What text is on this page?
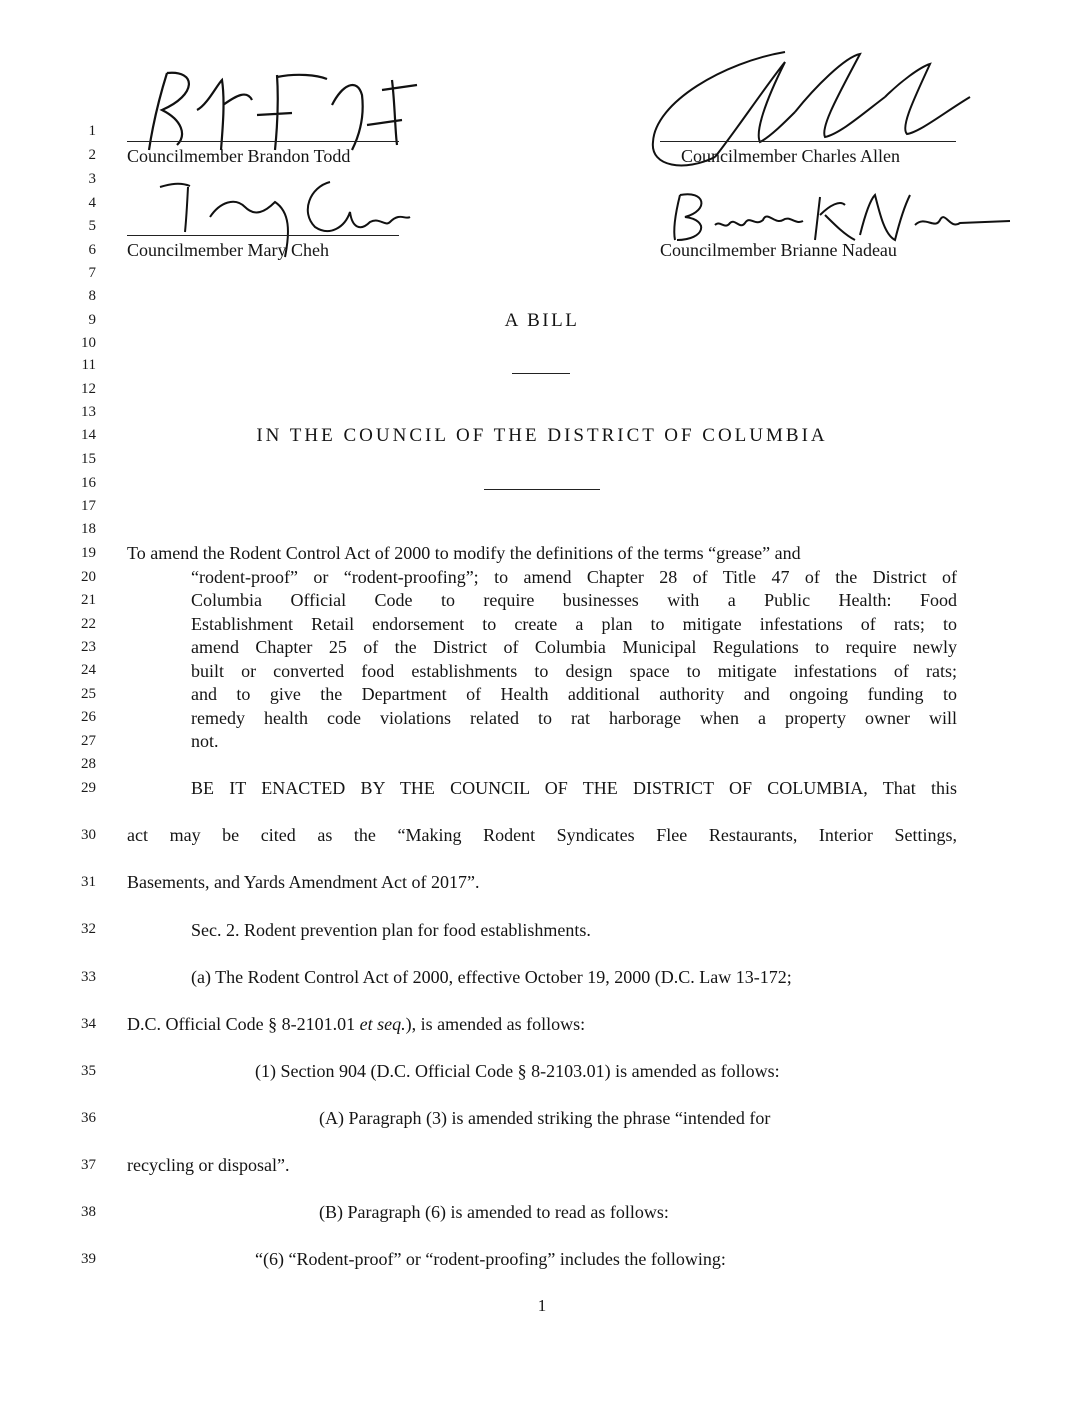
1
2
3
4
5
6
7
8
9
10
11
12
13
14
15
16
17
18
19
20
21
22
23
24
25
26
27
28
29
30
31
32
33
34
35
36
37
38
39
Councilmember Brandon Todd	Councilmember Charles Allen
Councilmember Mary Cheh	Councilmember Brianne Nadeau
A BILL
IN THE COUNCIL OF THE DISTRICT OF COLUMBIA
To amend the Rodent Control Act of 2000 to modify the definitions of the terms “grease” and
“rodent-proof” or “rodent-proofing”; to amend Chapter 28 of Title 47 of the District of
Columbia Official Code to require businesses with a Public Health: Food
Establishment Retail endorsement to create a plan to mitigate infestations of rats; to
amend Chapter 25 of the District of Columbia Municipal Regulations to require newly
built or converted food establishments to design space to mitigate infestations of rats;
and to give the Department of Health additional authority and ongoing funding to
remedy health code violations related to rat harborage when a property owner will
not.
BE IT ENACTED BY THE COUNCIL OF THE DISTRICT OF COLUMBIA, That this
act may be cited as the “Making Rodent Syndicates Flee Restaurants, Interior Settings,
Basements, and Yards Amendment Act of 2017”.
Sec. 2. Rodent prevention plan for food establishments.
(a) The Rodent Control Act of 2000, effective October 19, 2000 (D.C. Law 13-172;
D.C. Official Code § 8-2101.01 et seq.), is amended as follows:
(1) Section 904 (D.C. Official Code § 8-2103.01) is amended as follows:
(A) Paragraph (3) is amended striking the phrase “intended for
recycling or disposal”.
(B) Paragraph (6) is amended to read as follows:
“(6) “Rodent-proof” or “rodent-proofing” includes the following:
1
